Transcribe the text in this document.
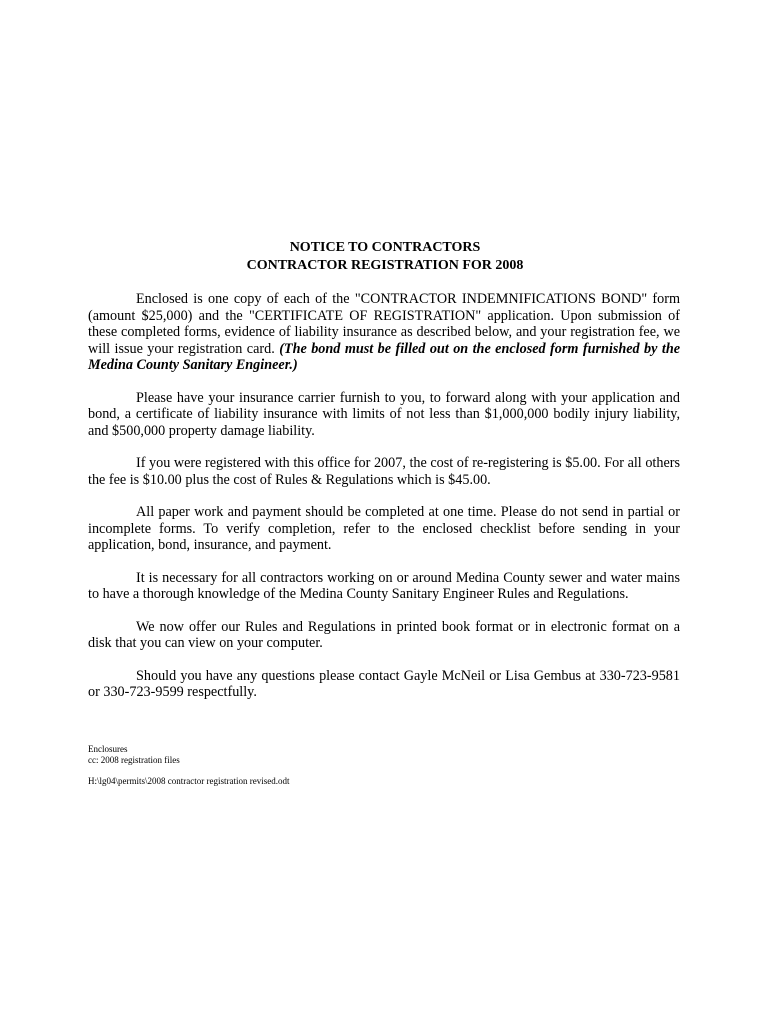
NOTICE TO CONTRACTORS
CONTRACTOR REGISTRATION FOR 2008

Enclosed is one copy of each of the "CONTRACTOR INDEMNIFICATIONS BOND" form (amount $25,000) and the "CERTIFICATE OF REGISTRATION" application. Upon submission of these completed forms, evidence of liability insurance as described below, and your registration fee, we will issue your registration card. (The bond must be filled out on the enclosed form furnished by the Medina County Sanitary Engineer.)

Please have your insurance carrier furnish to you, to forward along with your application and bond, a certificate of liability insurance with limits of not less than $1,000,000 bodily injury liability, and $500,000 property damage liability.

If you were registered with this office for 2007, the cost of re-registering is $5.00. For all others the fee is $10.00 plus the cost of Rules & Regulations which is $45.00.

All paper work and payment should be completed at one time. Please do not send in partial or incomplete forms. To verify completion, refer to the enclosed checklist before sending in your application, bond, insurance, and payment.

It is necessary for all contractors working on or around Medina County sewer and water mains to have a thorough knowledge of the Medina County Sanitary Engineer Rules and Regulations.

We now offer our Rules and Regulations in printed book format or in electronic format on a disk that you can view on your computer.

Should you have any questions please contact Gayle McNeil or Lisa Gembus at 330-723-9581 or 330-723-9599 respectfully.

Enclosures
cc: 2008 registration files
H:\lg04\permits\2008 contractor registration revised.odt
